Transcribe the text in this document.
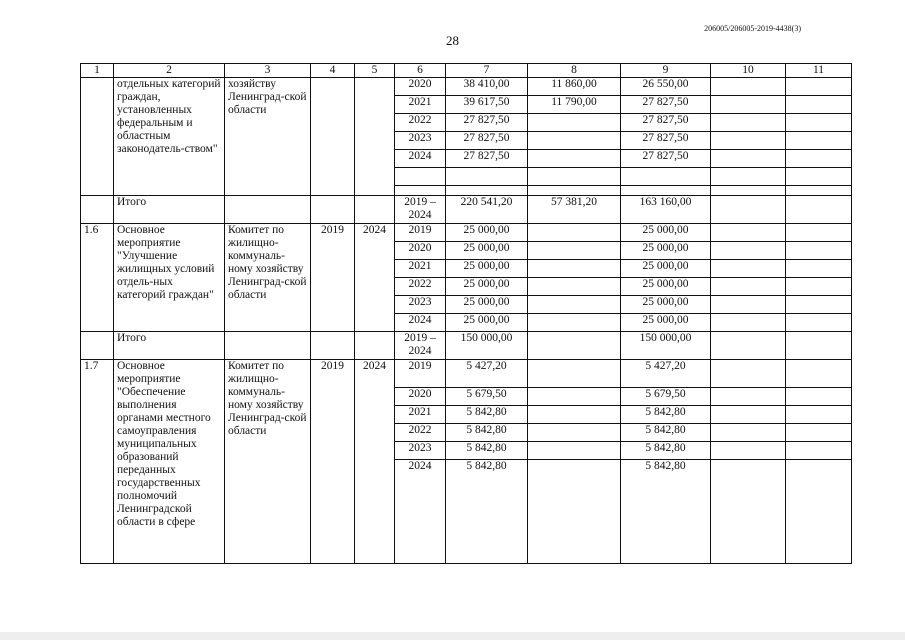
206005/206005-2019-4438(3)
28
1	2	3	4	5	6	7	8	9	10	11
	отдельных категорий граждан, установленных федеральным и областным законодатель-ством"	хозяйству Ленинград-ской области			2020	38 410,00	11 860,00	26 550,00		
					2021	39 617,50	11 790,00	27 827,50		
					2022	27 827,50		27 827,50		
					2023	27 827,50		27 827,50		
					2024	27 827,50		27 827,50		

	Итого				2019 – 2024	220 541,20	57 381,20	163 160,00		
1.6	Основное мероприятие "Улучшение жилищных условий отдель-ных категорий граждан"	Комитет по жилищно-коммуналь-ному хозяйству Ленинград-ской области	2019	2024	2019	25 000,00		25 000,00		
					2020	25 000,00		25 000,00		
					2021	25 000,00		25 000,00		
					2022	25 000,00		25 000,00		
					2023	25 000,00		25 000,00		
					2024	25 000,00		25 000,00		
	Итого				2019 – 2024	150 000,00		150 000,00		
1.7	Основное мероприятие "Обеспечение выполнения органами местного самоуправления муниципальных образований переданных государственных полномочий Ленинградской области в сфере	Комитет по жилищно-коммуналь-ному хозяйству Ленинград-ской области	2019	2024	2019	5 427,20		5 427,20		
					2020	5 679,50		5 679,50		
					2021	5 842,80		5 842,80		
					2022	5 842,80		5 842,80		
					2023	5 842,80		5 842,80		
					2024	5 842,80		5 842,80		
